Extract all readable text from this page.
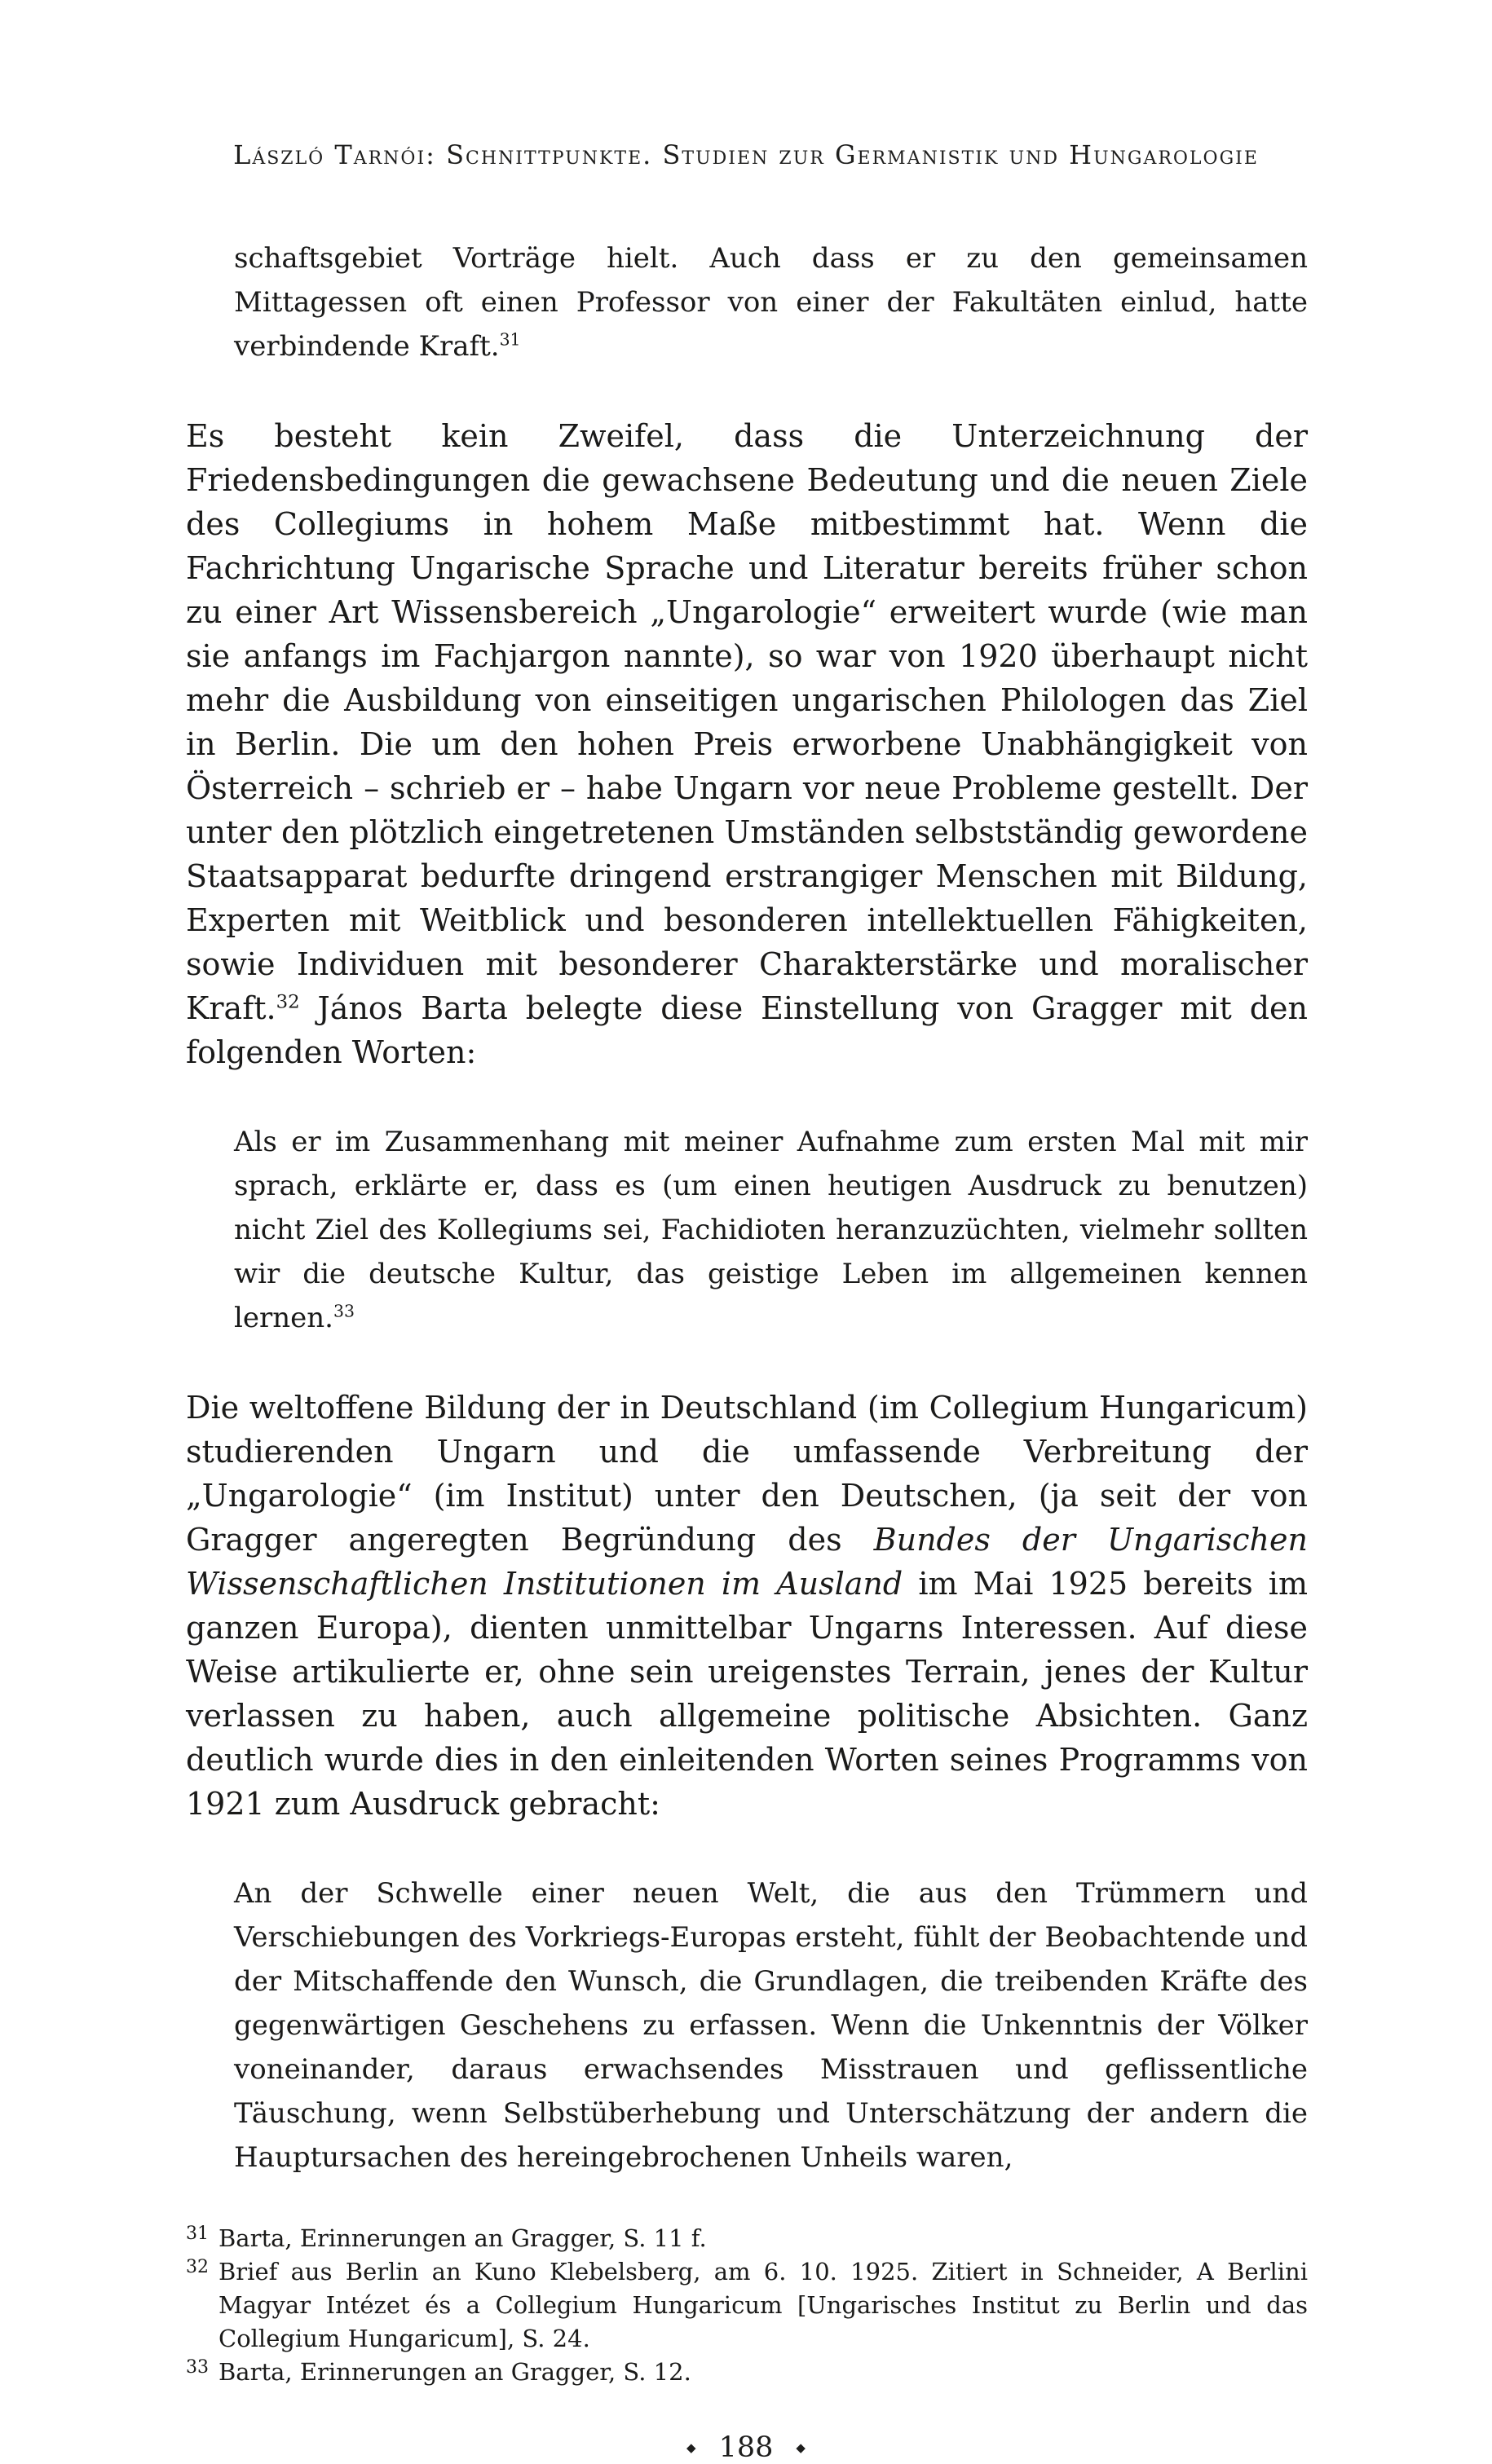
László Tarnói: Schnittpunkte. Studien zur Germanistik und Hungarologie

schaftsgebiet Vorträge hielt. Auch dass er zu den gemeinsamen Mittagessen oft einen Professor von einer der Fakultäten einlud, hatte verbindende Kraft.$^{31}$

Es besteht kein Zweifel, dass die Unterzeichnung der Friedensbedingungen die gewachsene Bedeutung und die neuen Ziele des Collegiums in hohem Maße mitbestimmt hat. Wenn die Fachrichtung Ungarische Sprache und Literatur bereits früher schon zu einer Art Wissensbereich „Ungarologie“ erweitert wurde (wie man sie anfangs im Fachjargon nannte), so war von 1920 überhaupt nicht mehr die Ausbildung von einseitigen ungarischen Philologen das Ziel in Berlin. Die um den hohen Preis erworbene Unabhängigkeit von Österreich – schrieb er – habe Ungarn vor neue Probleme gestellt. Der unter den plötzlich eingetretenen Umständen selbstständig gewordene Staatsapparat bedurfte dringend erstrangiger Menschen mit Bildung, Experten mit Weitblick und besonderen intellektuellen Fähigkeiten, sowie Individuen mit besonderer Charakterstärke und moralischer Kraft.$^{32}$ János Barta belegte diese Einstellung von Gragger mit den folgenden Worten:

Als er im Zusammenhang mit meiner Aufnahme zum ersten Mal mit mir sprach, erklärte er, dass es (um einen heutigen Ausdruck zu benutzen) nicht Ziel des Kollegiums sei, Fachidioten heranzuzüchten, vielmehr sollten wir die deutsche Kultur, das geistige Leben im allgemeinen kennen lernen.$^{33}$

Die weltoffene Bildung der in Deutschland (im Collegium Hungaricum) studierenden Ungarn und die umfassende Verbreitung der „Ungarologie“ (im Institut) unter den Deutschen, (ja seit der von Gragger angeregten Begründung des Bundes der Ungarischen Wissenschaftlichen Institutionen im Ausland im Mai 1925 bereits im ganzen Europa), dienten unmittelbar Ungarns Interessen. Auf diese Weise artikulierte er, ohne sein ureigenstes Terrain, jenes der Kultur verlassen zu haben, auch allgemeine politische Absichten. Ganz deutlich wurde dies in den einleitenden Worten seines Programms von 1921 zum Ausdruck gebracht:

An der Schwelle einer neuen Welt, die aus den Trümmern und Verschiebungen des Vorkriegs-Europas ersteht, fühlt der Beobachtende und der Mitschaffende den Wunsch, die Grundlagen, die treibenden Kräfte des gegenwärtigen Geschehens zu erfassen. Wenn die Unkenntnis der Völker voneinander, daraus erwachsendes Misstrauen und geflissentliche Täuschung, wenn Selbstüberhebung und Unterschätzung der andern die Hauptursachen des hereingebrochenen Unheils waren,

31 Barta, Erinnerungen an Gragger, S. 11 f.
32 Brief aus Berlin an Kuno Klebelsberg, am 6. 10. 1925. Zitiert in Schneider, A Berlini Magyar Intézet és a Collegium Hungaricum [Ungarisches Institut zu Berlin und das Collegium Hungaricum], S. 24.
33 Barta, Erinnerungen an Gragger, S. 12.
◆ 188 ◆
